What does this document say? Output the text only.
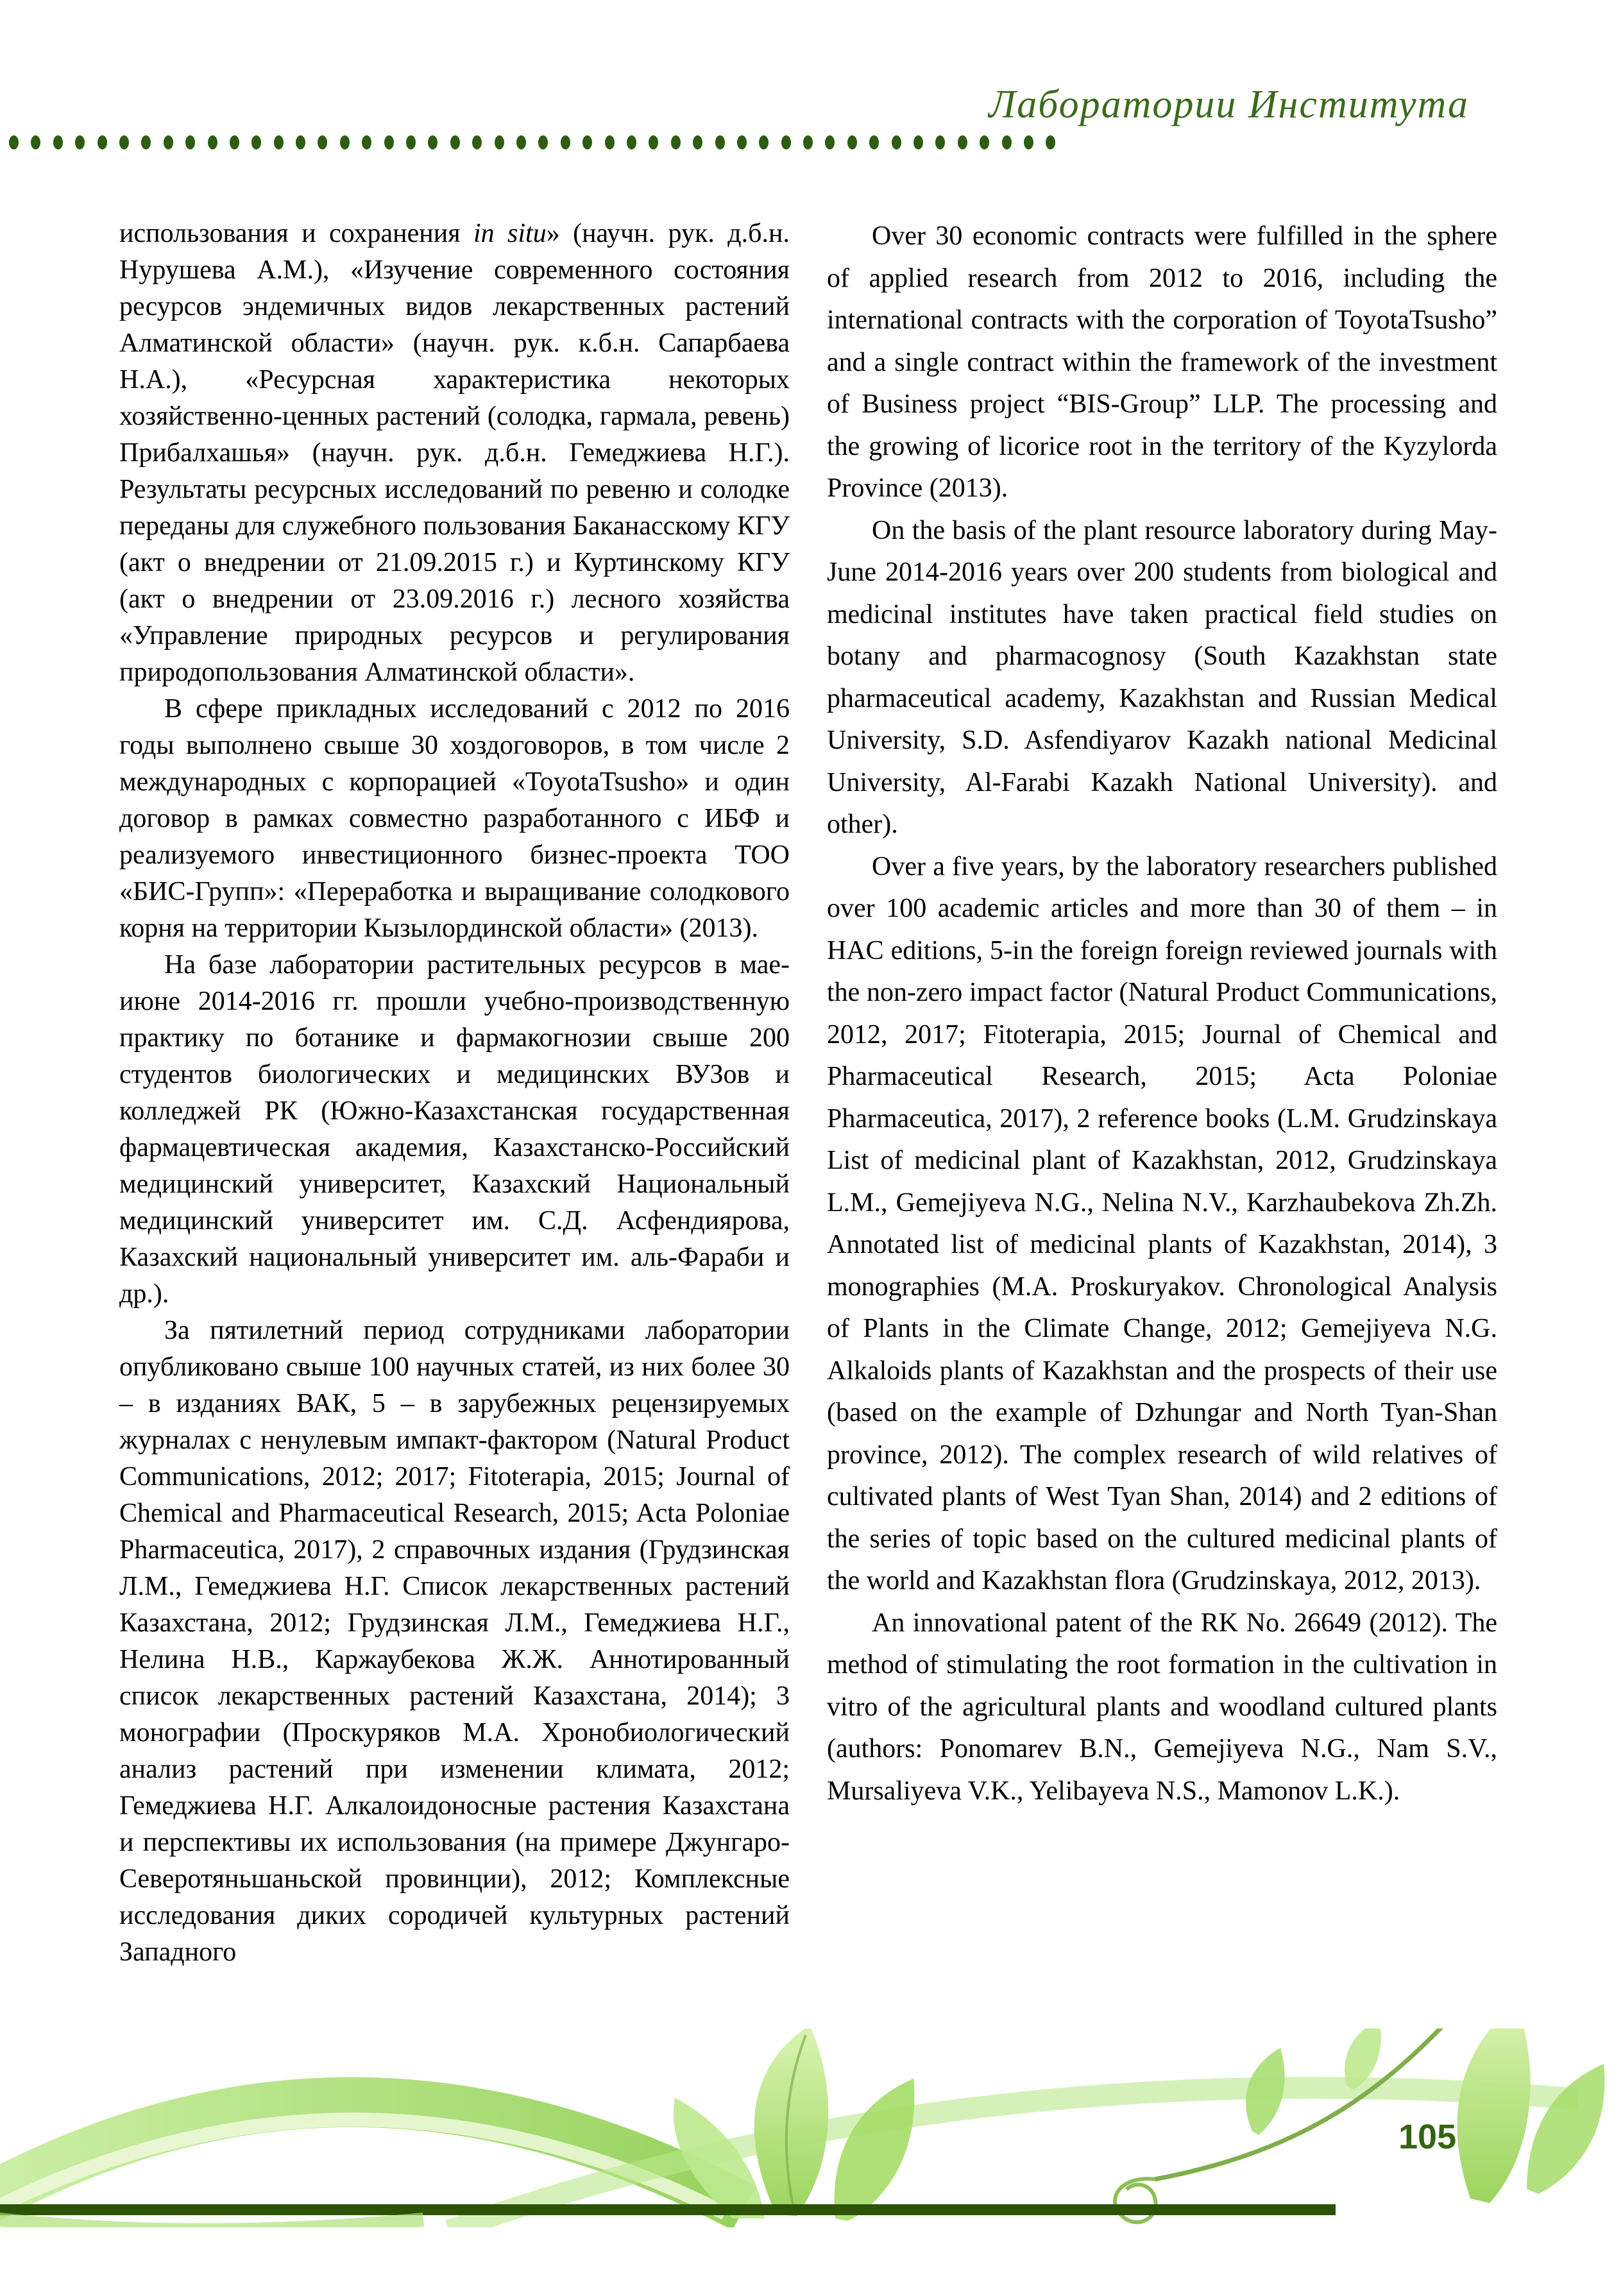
Лаборатории Института

использования и сохранения in situ» (научн. рук. д.б.н. Нурушева А.М.), «Изучение современного состояния ресурсов эндемичных видов лекарственных растений Алматинской области» (научн. рук. к.б.н. Сапарбаева Н.А.), «Ресурсная характеристика некоторых хозяйственно-ценных растений (солодка, гармала, ревень) Прибалхашья» (научн. рук. д.б.н. Гемеджиева Н.Г.). Результаты ресурсных исследований по ревеню и солодке переданы для служебного пользования Баканасскому КГУ (акт о внедрении от 21.09.2015 г.) и Куртинскому КГУ (акт о внедрении от 23.09.2016 г.) лесного хозяйства «Управление природных ресурсов и регулирования природопользования Алматинской области».

В сфере прикладных исследований с 2012 по 2016 годы выполнено свыше 30 хоздоговоров, в том числе 2 международных с корпорацией «ToyotaTsusho» и один договор в рамках совместно разработанного с ИБФ и реализуемого инвестиционного бизнес-проекта ТОО «БИС-Групп»: «Переработка и выращивание солодкового корня на территории Кызылординской области» (2013).

На базе лаборатории растительных ресурсов в мае-июне 2014-2016 гг. прошли учебно-производственную практику по ботанике и фармакогнозии свыше 200 студентов биологических и медицинских ВУЗов и колледжей РК (Южно-Казахстанская государственная фармацевтическая академия, Казахстанско-Российский медицинский университет, Казахский Национальный медицинский университет им. С.Д. Асфендиярова, Казахский национальный университет им. аль-Фараби и др.).

За пятилетний период сотрудниками лаборатории опубликовано свыше 100 научных статей, из них более 30 – в изданиях ВАК, 5 – в зарубежных рецензируемых журналах с ненулевым импакт-фактором (Natural Product Communications, 2012; 2017; Fitoterapia, 2015; Journal of Chemical and Pharmaceutical Research, 2015; Acta Poloniae Pharmaceutica, 2017), 2 справочных издания (Грудзинская Л.М., Гемеджиева Н.Г. Список лекарственных растений Казахстана, 2012; Грудзинская Л.М., Гемеджиева Н.Г., Нелина Н.В., Каржаубекова Ж.Ж. Аннотированный список лекарственных растений Казахстана, 2014); 3 монографии (Проскуряков М.А. Хронобиологический анализ растений при изменении климата, 2012; Гемеджиева Н.Г. Алкалоидоносные растения Казахстана и перспективы их использования (на примере Джунгаро-Северотяньшаньской провинции), 2012; Комплексные исследования диких сородичей культурных растений Западного

Over 30 economic contracts were fulfilled in the sphere of applied research from 2012 to 2016, including the international contracts with the corporation of ToyotaTsusho” and a single contract within the framework of the investment of Business project “BIS-Group” LLP. The processing and the growing of licorice root in the territory of the Kyzylorda Province (2013).

On the basis of the plant resource laboratory during May-June 2014-2016 years over 200 students from biological and medicinal institutes have taken practical field studies on botany and pharmacognosy (South Kazakhstan state pharmaceutical academy, Kazakhstan and Russian Medical University, S.D. Asfendiyarov Kazakh national Medicinal University, Al-Farabi Kazakh National University). and other).

Over a five years, by the laboratory researchers published over 100 academic articles and more than 30 of them – in HAC editions, 5-in the foreign foreign reviewed journals with the non-zero impact factor (Natural Product Communications, 2012, 2017; Fitoterapia, 2015; Journal of Chemical and Pharmaceutical Research, 2015; Acta Poloniae Pharmaceutica, 2017), 2 reference books (L.M. Grudzinskaya List of medicinal plant of Kazakhstan, 2012, Grudzinskaya L.M., Gemejiyeva N.G., Nelina N.V., Karzhaubekova Zh.Zh. Annotated list of medicinal plants of Kazakhstan, 2014), 3 monographies (M.A. Proskuryakov. Chronological Analysis of Plants in the Climate Change, 2012; Gemejiyeva N.G. Alkaloids plants of Kazakhstan and the prospects of their use (based on the example of Dzhungar and North Tyan-Shan province, 2012). The complex research of wild relatives of cultivated plants of West Tyan Shan, 2014) and 2 editions of the series of topic based on the cultured medicinal plants of the world and Kazakhstan flora (Grudzinskaya, 2012, 2013).

An innovational patent of the RK No. 26649 (2012). The method of stimulating the root formation in the cultivation in vitro of the agricultural plants and woodland cultured plants (authors: Ponomarev B.N., Gemejiyeva N.G., Nam S.V., Mursaliyeva V.K., Yelibayeva N.S., Mamonov L.K.).

105
